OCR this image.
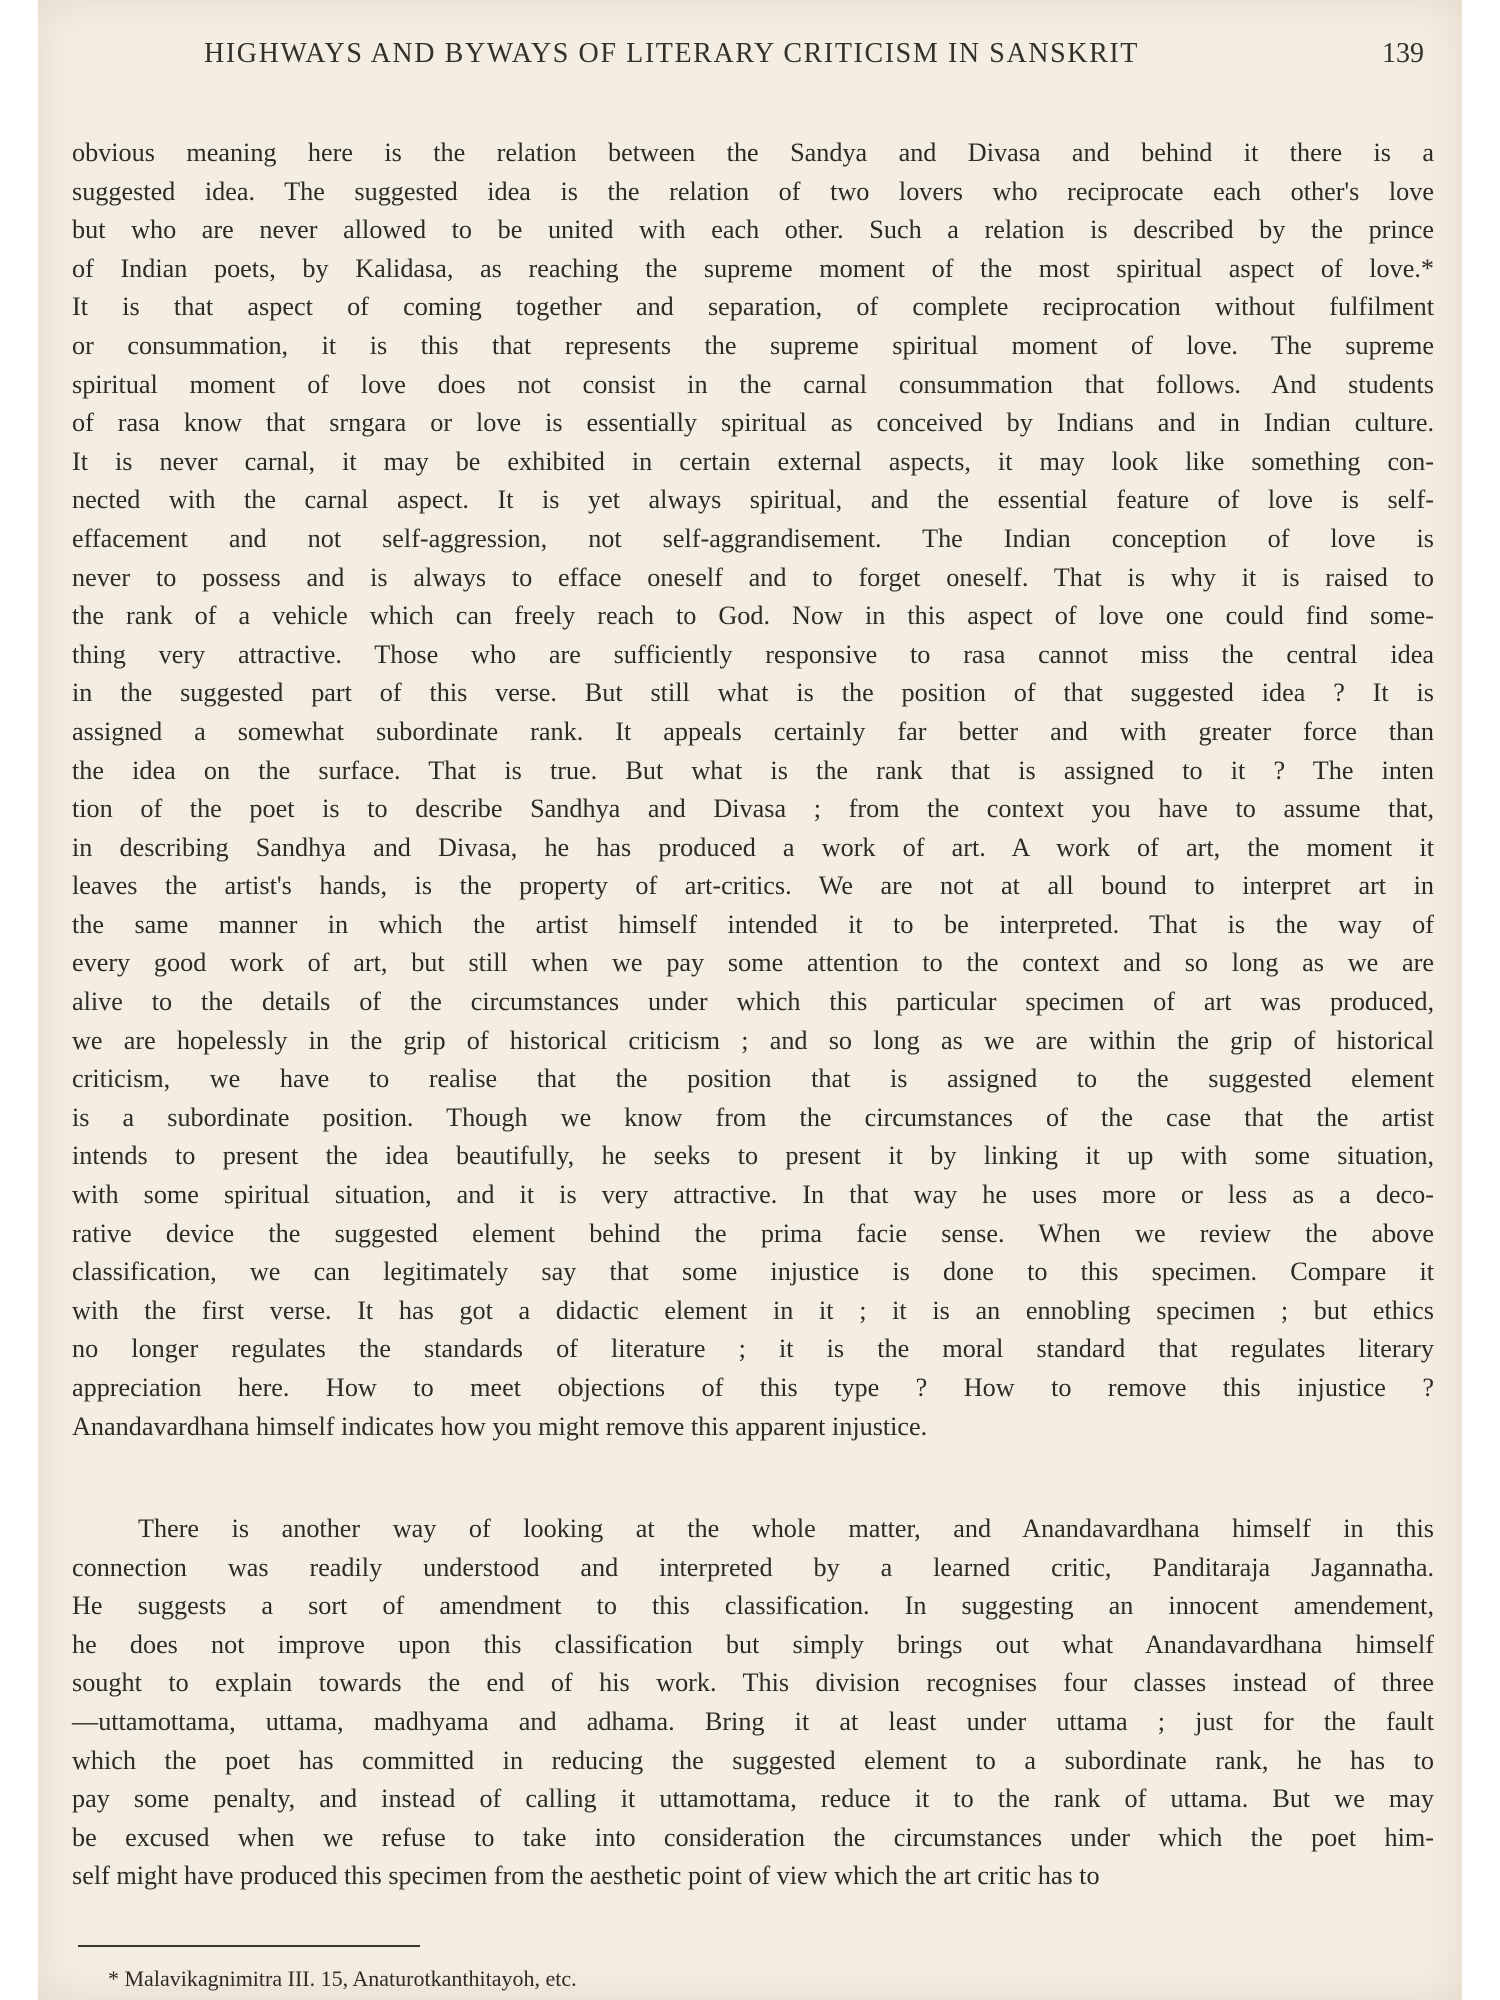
HIGHWAYS AND BYWAYS OF LITERARY CRITICISM IN SANSKRIT	139
obvious meaning here is the relation between the Sandya and Divasa and behind it there is a
suggested idea. The suggested idea is the relation of two lovers who reciprocate each other's love
but who are never allowed to be united with each other. Such a relation is described by the prince
of Indian poets, by Kalidasa, as reaching the supreme moment of the most spiritual aspect of love.*
It is that aspect of coming together and separation, of complete reciprocation without fulfilment
or consummation, it is this that represents the supreme spiritual moment of love. The supreme
spiritual moment of love does not consist in the carnal consummation that follows. And students
of rasa know that srngara or love is essentially spiritual as conceived by Indians and in Indian culture.
It is never carnal, it may be exhibited in certain external aspects, it may look like something con-
nected with the carnal aspect. It is yet always spiritual, and the essential feature of love is self-
effacement and not self-aggression, not self-aggrandisement. The Indian conception of love is
never to possess and is always to efface oneself and to forget oneself. That is why it is raised to
the rank of a vehicle which can freely reach to God. Now in this aspect of love one could find some-
thing very attractive. Those who are sufficiently responsive to rasa cannot miss the central idea
in the suggested part of this verse. But still what is the position of that suggested idea ? It is
assigned a somewhat subordinate rank. It appeals certainly far better and with greater force than
the idea on the surface. That is true. But what is the rank that is assigned to it ? The inten
tion of the poet is to describe Sandhya and Divasa ; from the context you have to assume that,
in describing Sandhya and Divasa, he has produced a work of art. A work of art, the moment it
leaves the artist's hands, is the property of art-critics. We are not at all bound to interpret art in
the same manner in which the artist himself intended it to be interpreted. That is the way of
every good work of art, but still when we pay some attention to the context and so long as we are
alive to the details of the circumstances under which this particular specimen of art was produced,
we are hopelessly in the grip of historical criticism ; and so long as we are within the grip of historical
criticism, we have to realise that the position that is assigned to the suggested element
is a subordinate position. Though we know from the circumstances of the case that the artist
intends to present the idea beautifully, he seeks to present it by linking it up with some situation,
with some spiritual situation, and it is very attractive. In that way he uses more or less as a deco-
rative device the suggested element behind the prima facie sense. When we review the above
classification, we can legitimately say that some injustice is done to this specimen. Compare it
with the first verse. It has got a didactic element in it ; it is an ennobling specimen ; but ethics
no longer regulates the standards of literature ; it is the moral standard that regulates literary
appreciation here. How to meet objections of this type ? How to remove this injustice ?
Anandavardhana himself indicates how you might remove this apparent injustice.
There is another way of looking at the whole matter, and Anandavardhana himself in this
connection was readily understood and interpreted by a learned critic, Panditaraja Jagannatha.
He suggests a sort of amendment to this classification. In suggesting an innocent amendement,
he does not improve upon this classification but simply brings out what Anandavardhana himself
sought to explain towards the end of his work. This division recognises four classes instead of three
—uttamottama, uttama, madhyama and adhama. Bring it at least under uttama ; just for the fault
which the poet has committed in reducing the suggested element to a subordinate rank, he has to
pay some penalty, and instead of calling it uttamottama, reduce it to the rank of uttama. But we may
be excused when we refuse to take into consideration the circumstances under which the poet him-
self might have produced this specimen from the aesthetic point of view which the art critic has to
* Malavikagnimitra III. 15, Anaturotkanthitayoh, etc.
